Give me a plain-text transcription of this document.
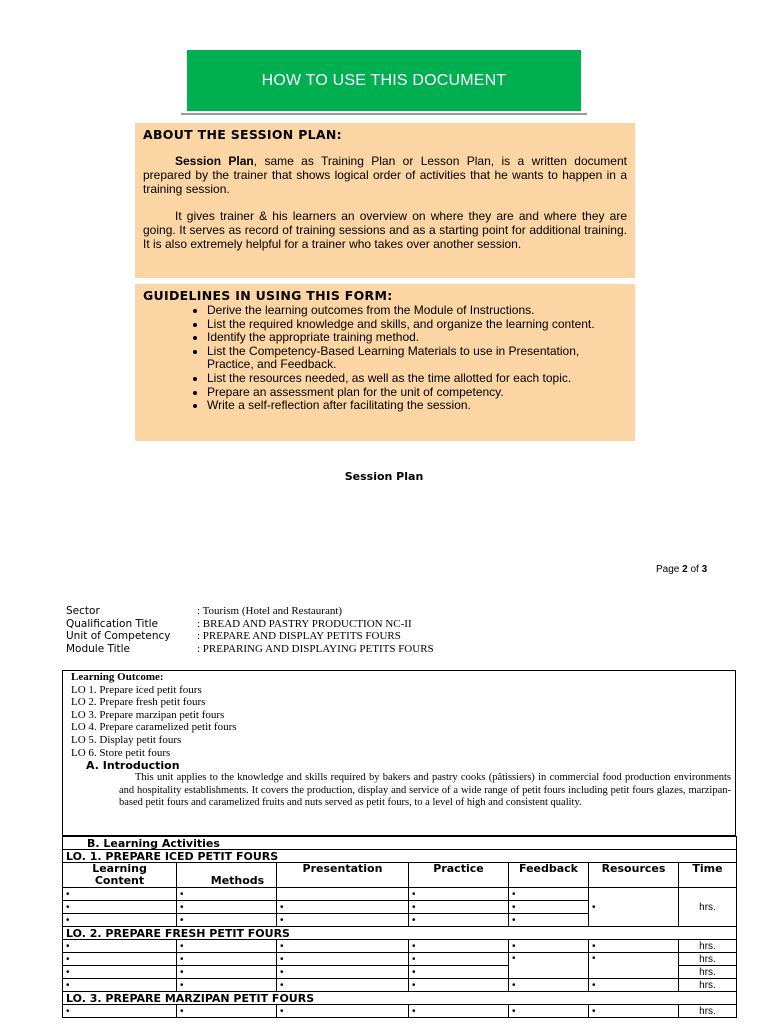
HOW TO USE THIS DOCUMENT
ABOUT THE SESSION PLAN:

Session Plan, same as Training Plan or Lesson Plan, is a written document prepared by the trainer that shows logical order of activities that he wants to happen in a training session.

It gives trainer & his learners an overview on where they are and where they are going. It serves as record of training sessions and as a starting point for additional training. It is also extremely helpful for a trainer who takes over another session.

GUIDELINES IN USING THIS FORM:
• Derive the learning outcomes from the Module of Instructions.
• List the required knowledge and skills, and organize the learning content.
• Identify the appropriate training method.
• List the Competency-Based Learning Materials to use in Presentation, Practice, and Feedback.
• List the resources needed, as well as the time allotted for each topic.
• Prepare an assessment plan for the unit of competency.
• Write a self-reflection after facilitating the session.
Session Plan
Page 2 of 3
Sector	: Tourism (Hotel and Restaurant)
Qualification Title	: BREAD AND PASTRY PRODUCTION NC-II
Unit of Competency	: PREPARE AND DISPLAY PETITS FOURS
Module Title	: PREPARING AND DISPLAYING PETITS FOURS
Learning Outcome:
LO 1. Prepare iced petit fours
LO 2. Prepare fresh petit fours
LO 3. Prepare marzipan petit fours
LO 4. Prepare caramelized petit fours
LO 5. Display petit fours
LO 6. Store petit fours
A. Introduction
This unit applies to the knowledge and skills required by bakers and pastry cooks (pâtissiers) in commercial food production environments and hospitality establishments. It covers the production, display and service of a wide range of petit fours including petit fours glazes, marzipan-based petit fours and caramelized fruits and nuts served as petit fours, to a level of high and consistent quality.
B. Learning Activities						
LO. 1. PREPARE ICED PETIT FOURS						
Learning
Content	Methods	Presentation	Practice	Feedback	Resources	Time
•	•		•	•	•	hrs.
•	•	•	•	•		
•	•	•	•	•		
LO. 2. PREPARE FRESH PETIT FOURS						
•	•	•	•	•	•	hrs.
•	•	•	•	•	•	hrs.
•	•	•	•			hrs.
•	•	•	•	•	•	hrs.
LO. 3. PREPARE MARZIPAN PETIT FOURS						
•	•	•	•	•	•	hrs.
